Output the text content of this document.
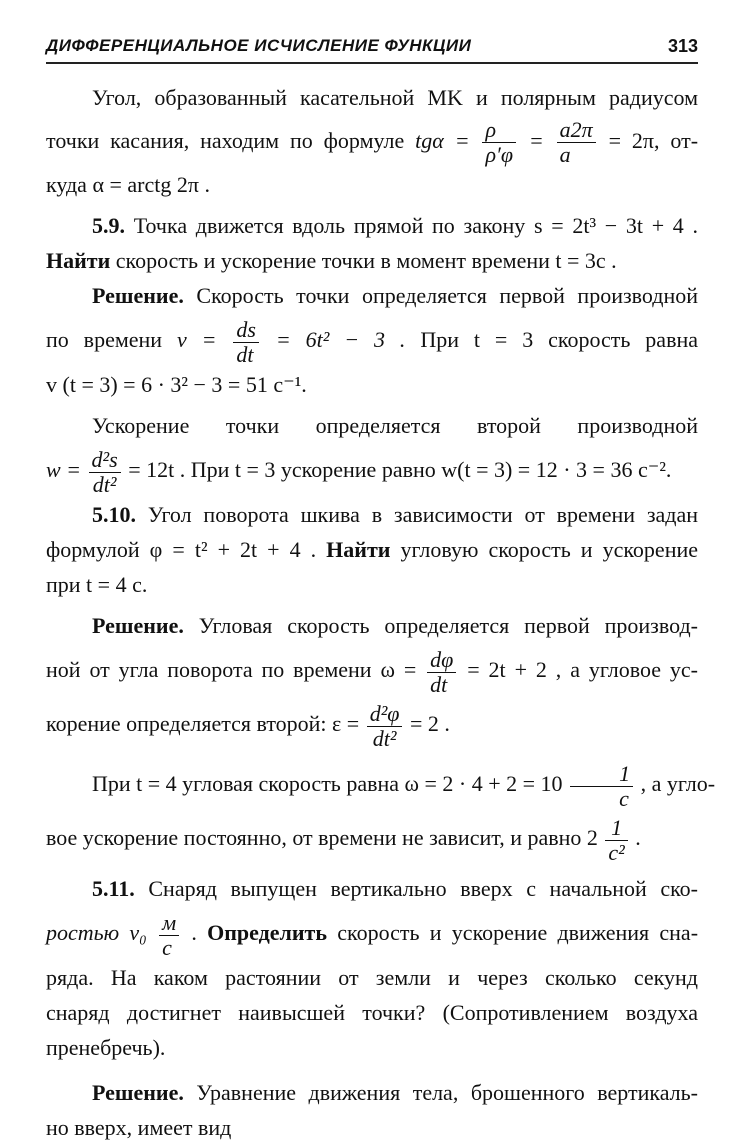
ДИФФЕРЕНЦИАЛЬНОЕ ИСЧИСЛЕНИЕ ФУНКЦИИ	313
Угол, образованный касательной MK и полярным радиусом
точки касания, находим по формуле $tg\alpha = \frac{\rho}{\rho'\varphi} = \frac{a2\pi}{a} = 2\pi$, от-
куда α = arctg 2π .
5.9. Точка движется вдоль прямой по закону s = 2t³ − 3t + 4 .
Найти скорость и ускорение точки в момент времени t = 3c .
Решение. Скорость точки определяется первой производной
по времени $v = \frac{ds}{dt} = 6t^2 - 3$ . При t = 3 скорость равна
v (t = 3) = 6 · 3² − 3 = 51 с⁻¹.
Ускорение точки определяется второй производной
$w = \frac{\text{d²s}}{\text{dt²}} = 12t$ . При t = 3 ускорение равно w(t = 3) = 12 · 3 = 36 с⁻².
5.10. Угол поворота шкива в зависимости от времени задан
формулой φ = t² + 2t + 4 . Найти угловую скорость и ускорение
при t = 4 с.
Решение. Угловая скорость определяется первой производ-
ной от угла поворота по времени $\omega = \frac{d\varphi}{dt} = 2t + 2$ , а угловое ус-
корение определяется второй: $\varepsilon = \frac{\text{d²φ}}{\text{dt²}} = 2$ .
При t = 4 угловая скорость равна $\omega = 2 \cdot 4 + 2 = 10 \frac{1}{c}$ , а угло-
вое ускорение постоянно, от времени не зависит, и равно $2 \frac{1}{\text{c²}}$ .
5.11. Снаряд выпущен вертикально вверх с начальной ско-
ростью $v_0 \frac{м}{c}$ . Определить скорость и ускорение движения сна-
ряда. На каком растоянии от земли и через сколько секунд
снаряд достигнет наивысшей точки? (Сопротивлением воздуха
пренебречь).
Решение. Уравнение движения тела, брошенного вертикаль-
но вверх, имеет вид
